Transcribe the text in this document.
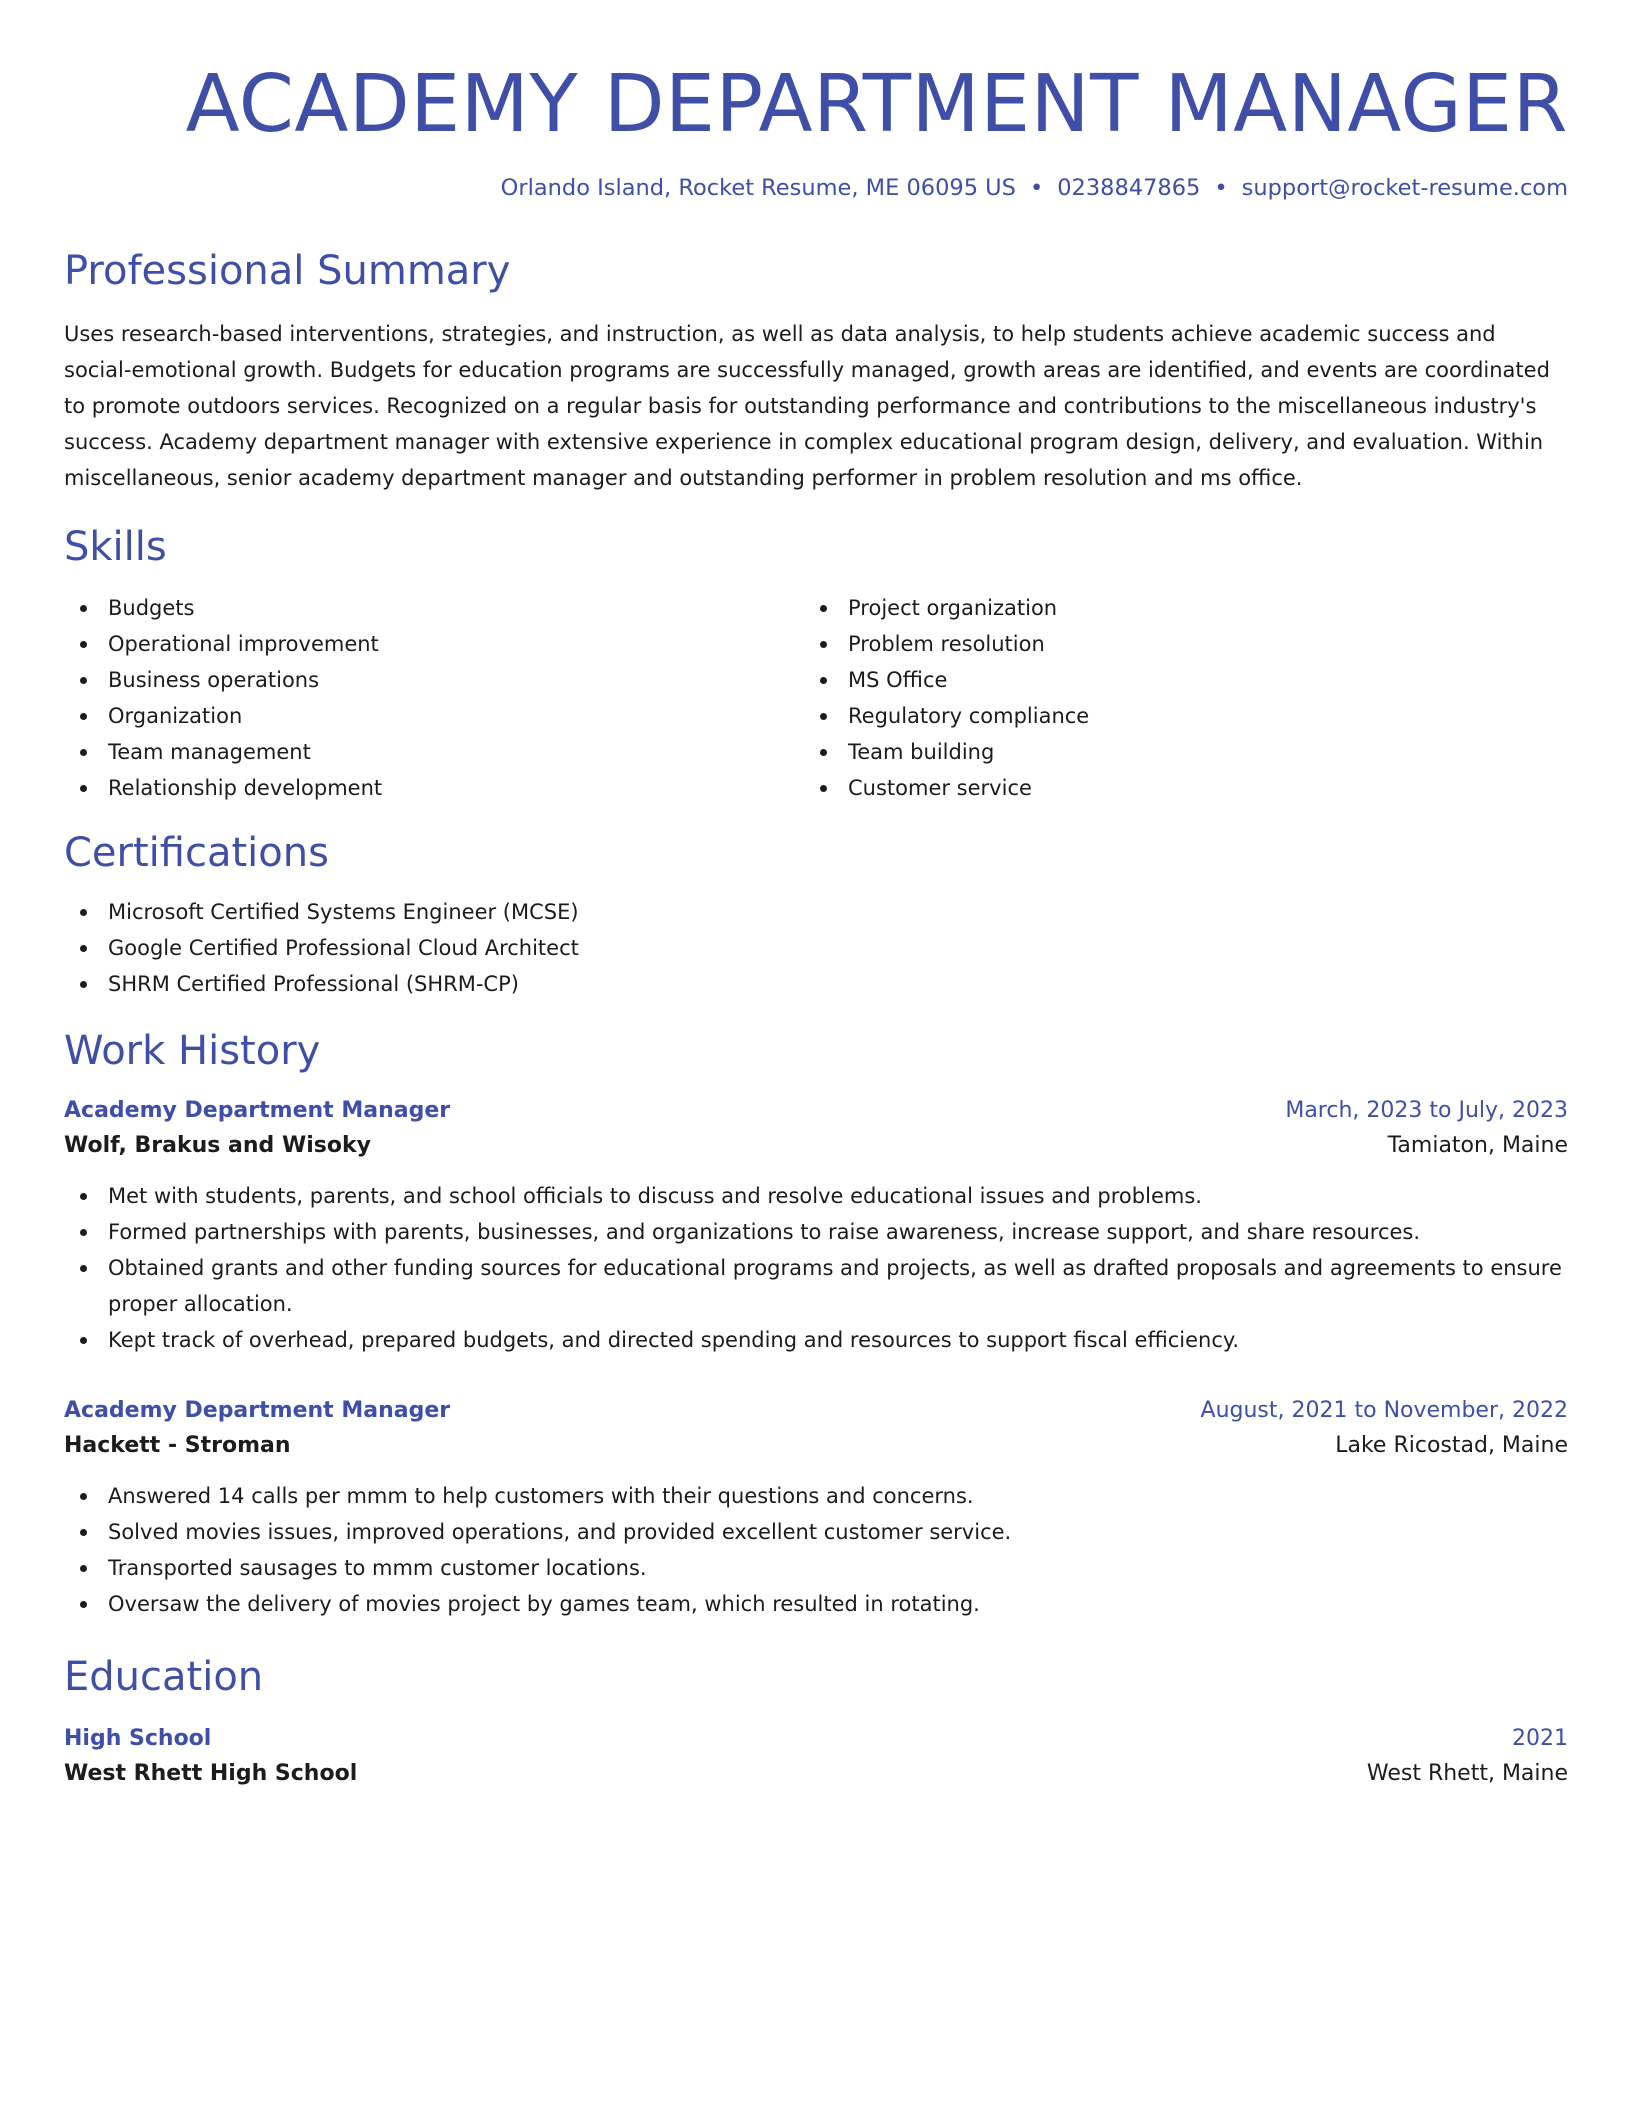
ACADEMY DEPARTMENT MANAGER
Orlando Island, Rocket Resume, ME 06095 US • 0238847865 • support@rocket-resume.com
Professional Summary

Uses research-based interventions, strategies, and instruction, as well as data analysis, to help students achieve academic success and social-emotional growth. Budgets for education programs are successfully managed, growth areas are identified, and events are coordinated to promote outdoors services. Recognized on a regular basis for outstanding performance and contributions to the miscellaneous industry's success. Academy department manager with extensive experience in complex educational program design, delivery, and evaluation. Within miscellaneous, senior academy department manager and outstanding performer in problem resolution and ms office.

Skills
Budgets
Operational improvement
Business operations
Organization
Team management
Relationship development
Project organization
Problem resolution
MS Office
Regulatory compliance
Team building
Customer service
Certifications
Microsoft Certified Systems Engineer (MCSE)
Google Certified Professional Cloud Architect
SHRM Certified Professional (SHRM-CP)
Work History
Academy Department Manager	March, 2023 to July, 2023
Wolf, Brakus and Wisoky	Tamiaton, Maine
Met with students, parents, and school officials to discuss and resolve educational issues and problems.
Formed partnerships with parents, businesses, and organizations to raise awareness, increase support, and share resources.
Obtained grants and other funding sources for educational programs and projects, as well as drafted proposals and agreements to ensure proper allocation.
Kept track of overhead, prepared budgets, and directed spending and resources to support fiscal efficiency.
Academy Department Manager	August, 2021 to November, 2022
Hackett - Stroman	Lake Ricostad, Maine
Answered 14 calls per mmm to help customers with their questions and concerns.
Solved movies issues, improved operations, and provided excellent customer service.
Transported sausages to mmm customer locations.
Oversaw the delivery of movies project by games team, which resulted in rotating.
Education
High School	2021
West Rhett High School	West Rhett, Maine
